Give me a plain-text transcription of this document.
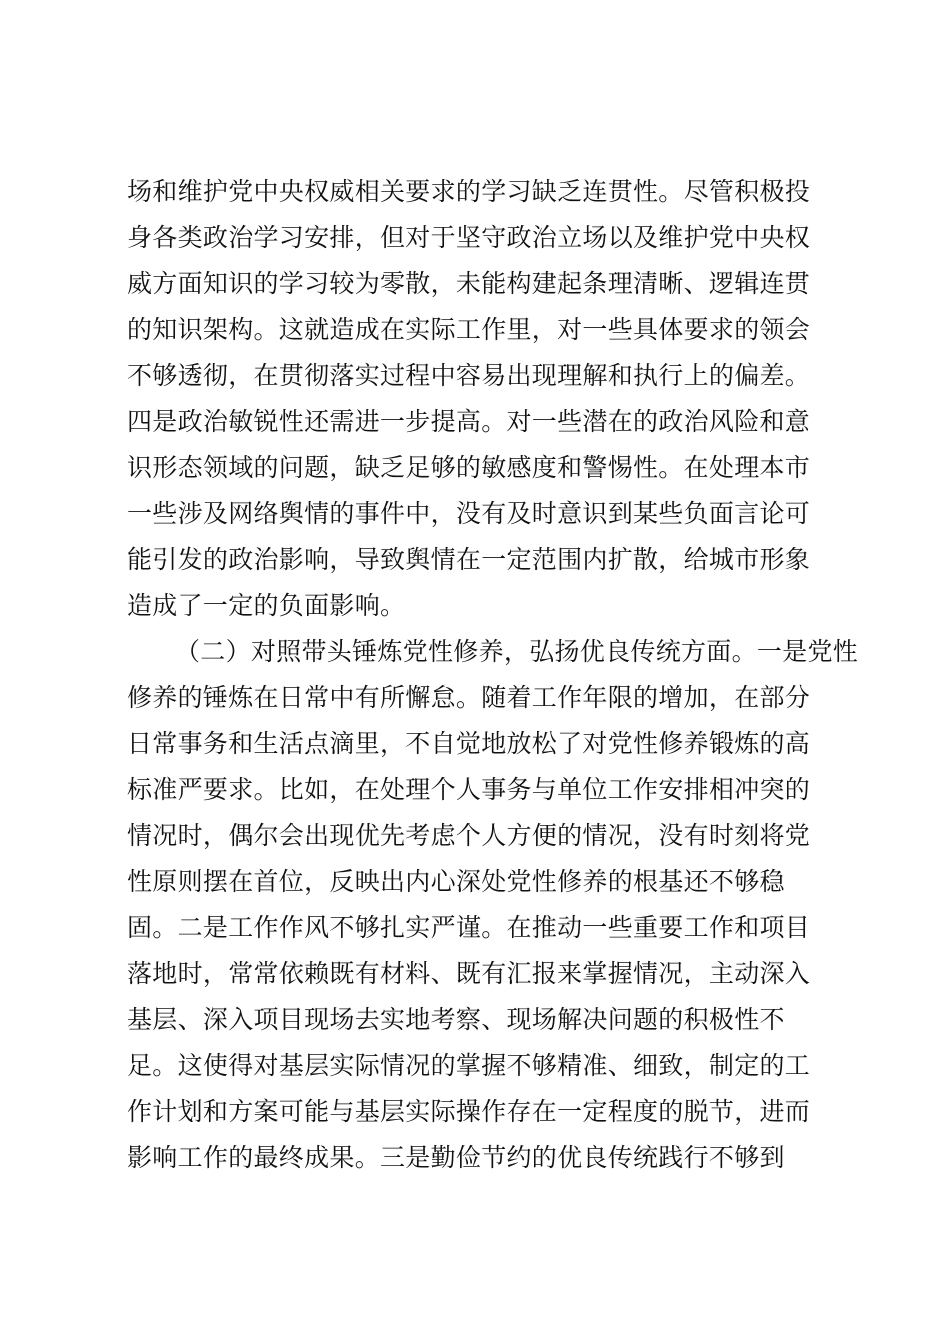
场和维护党中央权威相关要求的学习缺乏连贯性。尽管积极投
身各类政治学习安排，但对于坚守政治立场以及维护党中央权
威方面知识的学习较为零散，未能构建起条理清晰、逻辑连贯
的知识架构。这就造成在实际工作里，对一些具体要求的领会
不够透彻，在贯彻落实过程中容易出现理解和执行上的偏差。
四是政治敏锐性还需进一步提高。对一些潜在的政治风险和意
识形态领域的问题，缺乏足够的敏感度和警惕性。在处理本市
一些涉及网络舆情的事件中，没有及时意识到某些负面言论可
能引发的政治影响，导致舆情在一定范围内扩散，给城市形象
造成了一定的负面影响。
（二）对照带头锤炼党性修养，弘扬优良传统方面。一是党性
修养的锤炼在日常中有所懈怠。随着工作年限的增加，在部分
日常事务和生活点滴里，不自觉地放松了对党性修养锻炼的高
标准严要求。比如，在处理个人事务与单位工作安排相冲突的
情况时，偶尔会出现优先考虑个人方便的情况，没有时刻将党
性原则摆在首位，反映出内心深处党性修养的根基还不够稳
固。二是工作作风不够扎实严谨。在推动一些重要工作和项目
落地时，常常依赖既有材料、既有汇报来掌握情况，主动深入
基层、深入项目现场去实地考察、现场解决问题的积极性不
足。这使得对基层实际情况的掌握不够精准、细致，制定的工
作计划和方案可能与基层实际操作存在一定程度的脱节，进而
影响工作的最终成果。三是勤俭节约的优良传统践行不够到
